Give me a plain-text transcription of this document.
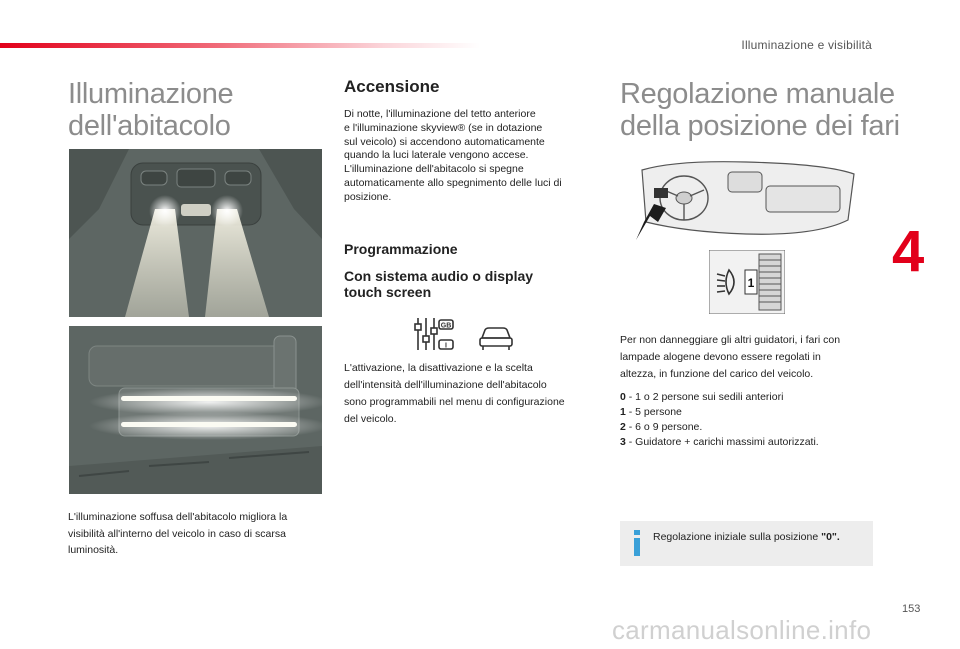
Illuminazione e visibilità
4
Illuminazione
dell'abitacolo
L'illuminazione soffusa dell'abitacolo migliora la
visibilità all'interno del veicolo in caso di scarsa
luminosità.
Accensione
Di notte, l'illuminazione del tetto anteriore
e l'illuminazione skyview® (se in dotazione
sul veicolo) si accendono automaticamente
quando la luci laterale vengono accese.
L'illuminazione dell'abitacolo si spegne
automaticamente allo spegnimento delle luci di
posizione.
Programmazione
Con sistema audio o display
touch screen
GB
I
L'attivazione, la disattivazione e la scelta
dell'intensità dell'illuminazione dell'abitacolo
sono programmabili nel menu di configurazione
del veicolo.
Regolazione manuale
della posizione dei fari
1
Per non danneggiare gli altri guidatori, i fari con
lampade alogene devono essere regolati in
altezza, in funzione del carico del veicolo.
0 - 1 o 2 persone sui sedili anteriori
1 - 5 persone
2 - 6 o 9 persone.
3 - Guidatore + carichi massimi autorizzati.
Regolazione iniziale sulla posizione "0".
153
carmanualsonline.info
